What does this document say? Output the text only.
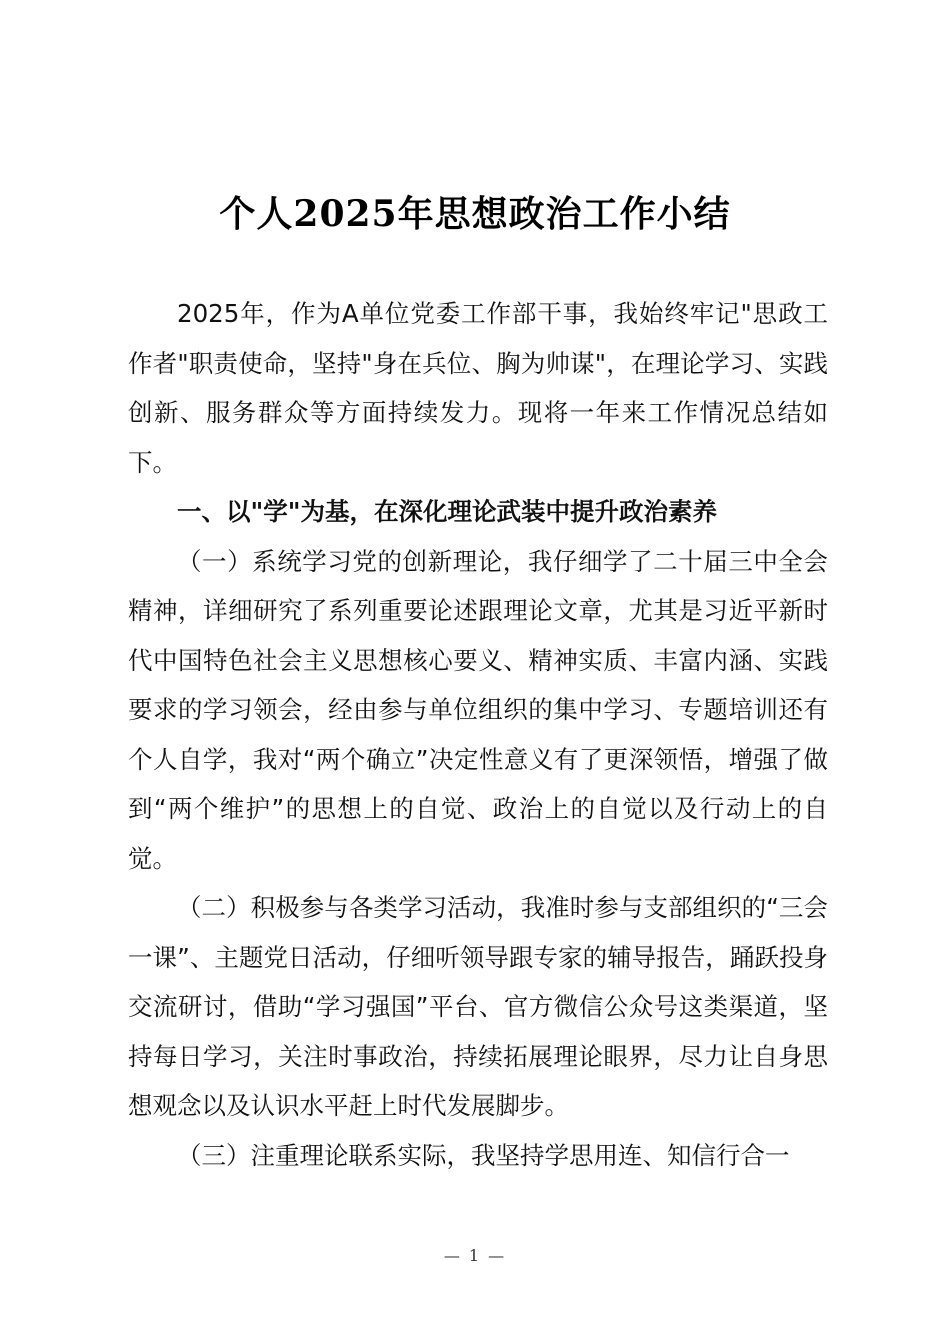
个人2025年思想政治工作小结

2025年，作为A单位党委工作部干事，我始终牢记"思政工作者"职责使命，坚持"身在兵位、胸为帅谋"，在理论学习、实践创新、服务群众等方面持续发力。现将一年来工作情况总结如下。

一、以"学"为基，在深化理论武装中提升政治素养

（一）系统学习党的创新理论，我仔细学了二十届三中全会精神，详细研究了系列重要论述跟理论文章，尤其是习近平新时代中国特色社会主义思想核心要义、精神实质、丰富内涵、实践要求的学习领会，经由参与单位组织的集中学习、专题培训还有个人自学，我对“两个确立”决定性意义有了更深领悟，增强了做到“两个维护”的思想上的自觉、政治上的自觉以及行动上的自觉。

（二）积极参与各类学习活动，我准时参与支部组织的“三会一课”、主题党日活动，仔细听领导跟专家的辅导报告，踊跃投身交流研讨，借助“学习强国”平台、官方微信公众号这类渠道，坚持每日学习，关注时事政治，持续拓展理论眼界，尽力让自身思想观念以及认识水平赶上时代发展脚步。

（三）注重理论联系实际，我坚持学思用连、知信行合一

— 1 —
